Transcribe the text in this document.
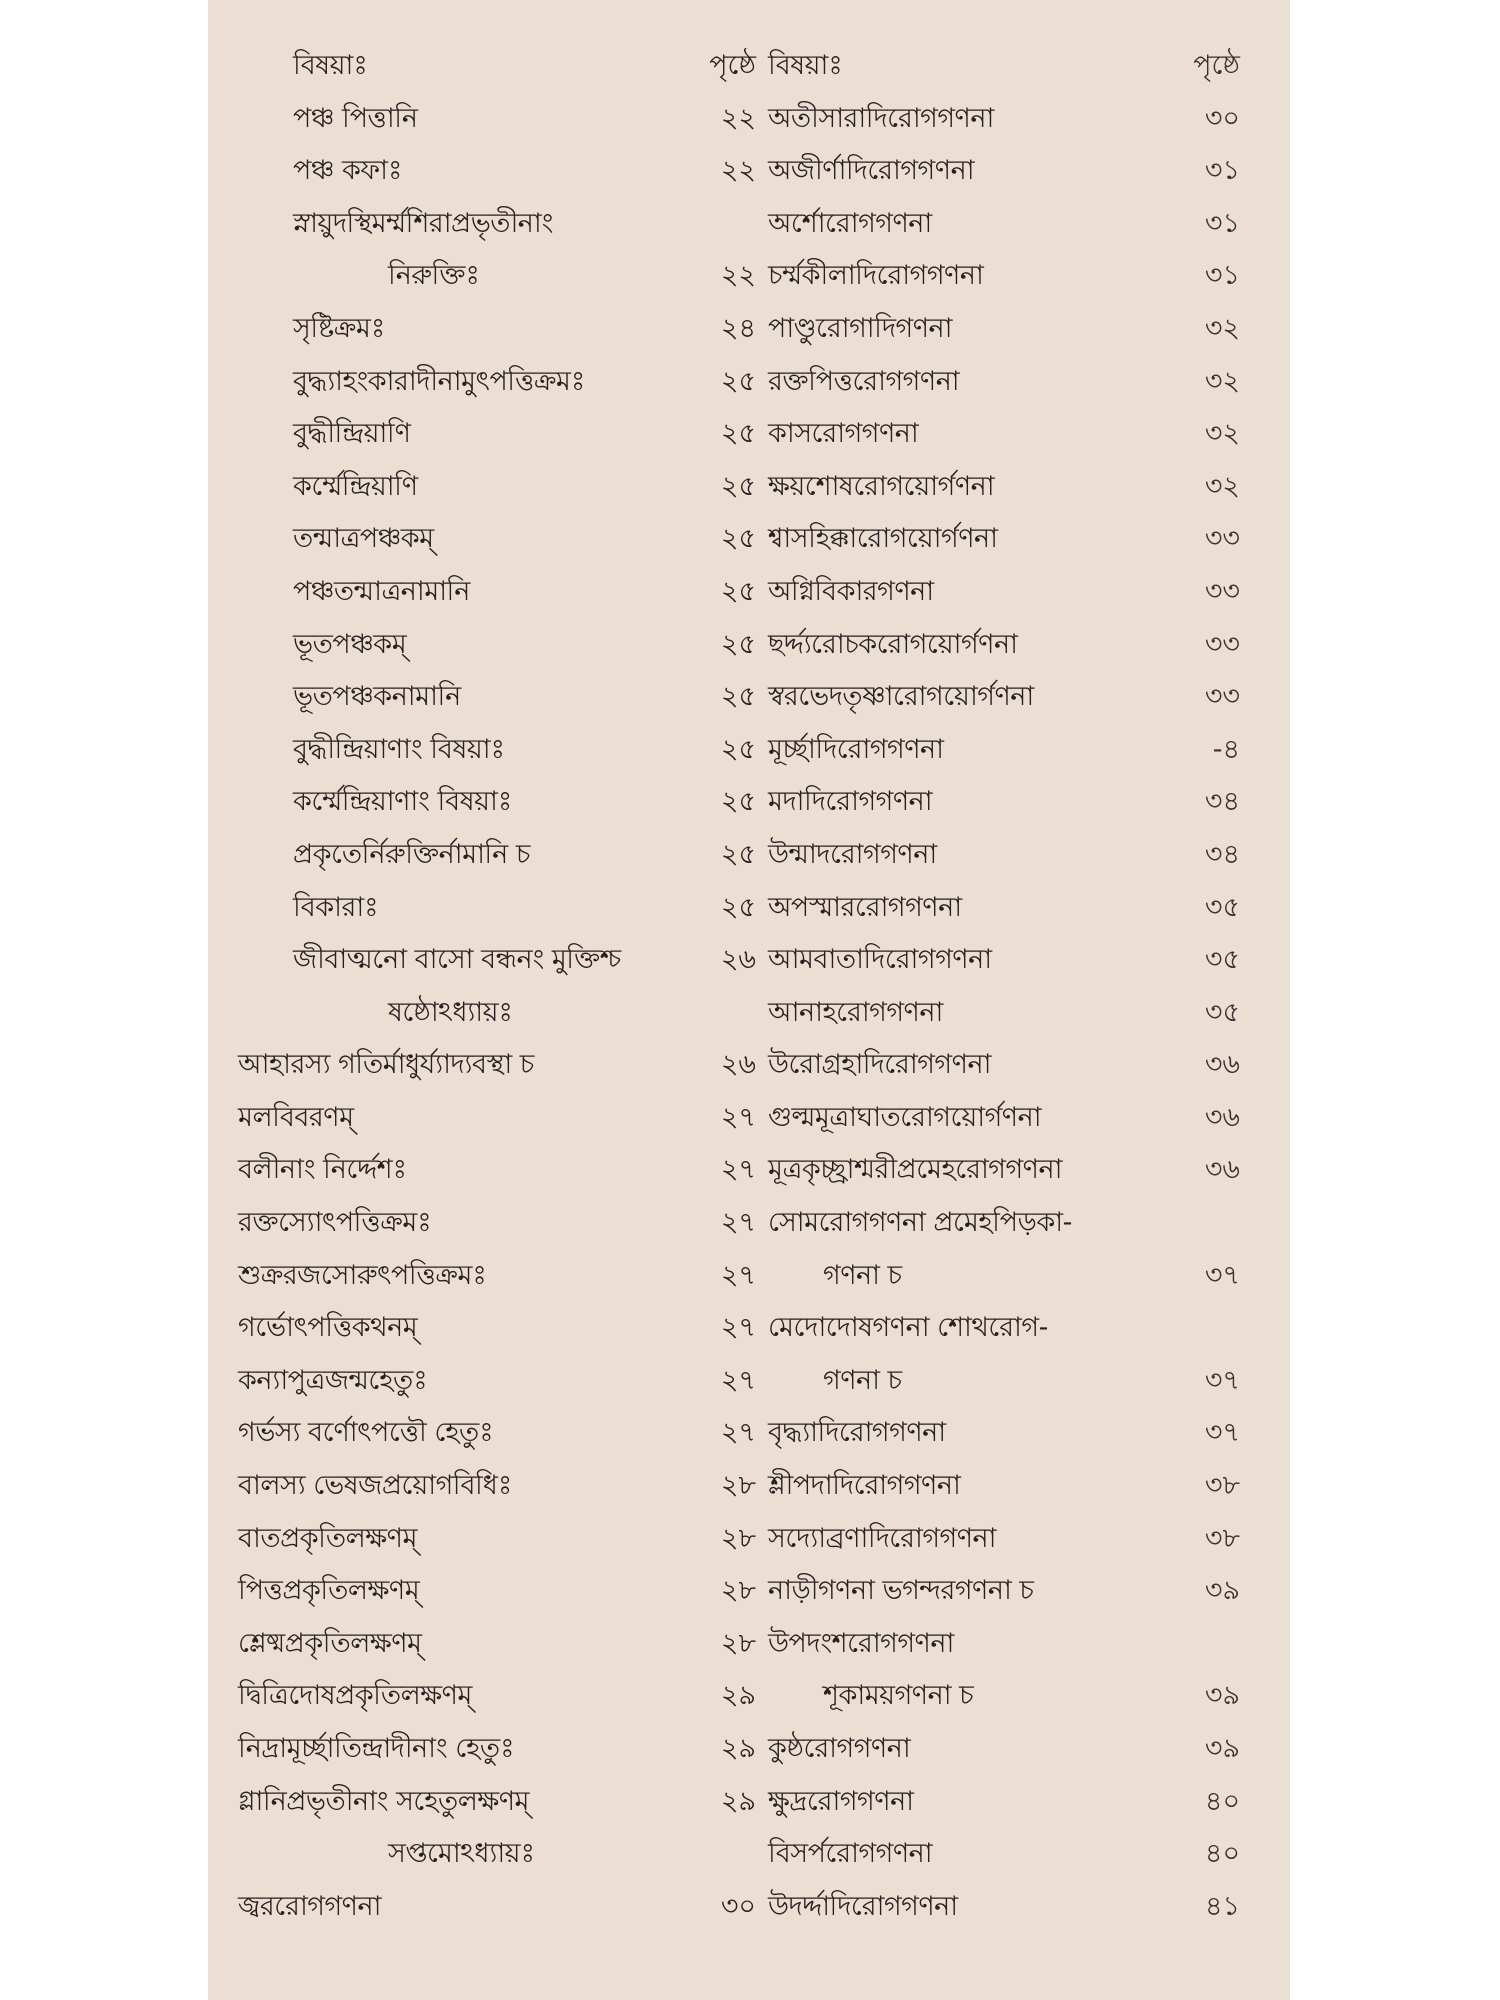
বিষয়াঃ	পৃষ্ঠে
পঞ্চ পিত্তানি	২২
পঞ্চ কফাঃ	২২
স্নায়ুদস্থিমৰ্ম্মশিরাপ্রভৃতীনাং
নিরুক্তিঃ	২২
সৃষ্টিক্রমঃ	২৪
বুদ্ধ্যাহংকারাদীনামুৎপত্তিক্রমঃ	২৫
বুদ্ধীন্দ্রিয়াণি	২৫
কর্ম্মেন্দ্রিয়াণি	২৫
তন্মাত্রপঞ্চকম্	২৫
পঞ্চতন্মাত্রনামানি	২৫
ভূতপঞ্চকম্	২৫
ভূতপঞ্চকনামানি	২৫
বুদ্ধীন্দ্রিয়াণাং বিষয়াঃ	২৫
কর্ম্মেন্দ্রিয়াণাং বিষয়াঃ	২৫
প্রকৃতের্নিরুক্তির্নামানি চ	২৫
বিকারাঃ	২৫
জীবাত্মনো বাসো বন্ধনং মুক্তিশ্চ	২৬
ষষ্ঠোঽধ্যায়ঃ
আহারস্য গতির্মাধুর্য্যাদ্যবস্থা চ	২৬
মলবিবরণম্	২৭
বলীনাং নির্দ্দেশঃ	২৭
রক্তস্যোৎপত্তিক্রমঃ	২৭
শুক্ররজসোরুৎপত্তিক্রমঃ	২৭
গর্ভোৎপত্তিকথনম্	২৭
কন্যাপুত্রজন্মহেতুঃ	২৭
গর্ভস্য বর্ণোৎপত্তৌ হেতুঃ	২৭
বালস্য ভেষজপ্রয়োগবিধিঃ	২৮
বাতপ্রকৃতিলক্ষণম্	২৮
পিত্তপ্রকৃতিলক্ষণম্	২৮
শ্লেষ্মপ্রকৃতিলক্ষণম্	২৮
দ্বিত্রিদোষপ্রকৃতিলক্ষণম্	২৯
নিদ্রামূর্চ্ছাতিন্দ্রাদীনাং হেতুঃ	২৯
গ্লানিপ্রভৃতীনাং সহেতুলক্ষণম্	২৯
সপ্তমোঽধ্যায়ঃ
জ্বররোগগণনা	৩০
বিষয়াঃ	পৃষ্ঠে
অতীসারাদিরোগগণনা	৩০
অজীর্ণাদিরোগগণনা	৩১
অর্শোরোগগণনা	৩১
চর্ম্মকীলাদিরোগগণনা	৩১
পাণ্ডুরোগাদিগণনা	৩২
রক্তপিত্তরোগগণনা	৩২
কাসরোগগণনা	৩২
ক্ষয়শোষরোগয়োর্গণনা	৩২
শ্বাসহিক্কারোগয়োর্গণনা	৩৩
অগ্নিবিকারগণনা	৩৩
ছর্দ্দ্যরোচকরোগয়োর্গণনা	৩৩
স্বরভেদতৃষ্ণারোগয়োর্গণনা	৩৩
মূর্চ্ছাদিরোগগণনা	-৪
মদাদিরোগগণনা	৩৪
উন্মাদরোগগণনা	৩৪
অপস্মাররোগগণনা	৩৫
আমবাতাদিরোগগণনা	৩৫
আনাহরোগগণনা	৩৫
উরোগ্রহাদিরোগগণনা	৩৬
গুল্মমূত্রাঘাতরোগয়োর্গণনা	৩৬
মূত্রকৃচ্ছ্রাশ্মরীপ্রমেহরোগগণনা	৩৬
সোমরোগগণনা প্রমেহপিড়কা-
গণনা চ	৩৭
মেদোদোষগণনা শোথরোগ-
গণনা চ	৩৭
বৃদ্ধ্যাদিরোগগণনা	৩৭
শ্লীপদাদিরোগগণনা	৩৮
সদ্যোব্রণাদিরোগগণনা	৩৮
নাড়ীগণনা ভগন্দরগণনা চ	৩৯
উপদংশরোগগণনা
শূকাময়গণনা চ	৩৯
কুষ্ঠরোগগণনা	৩৯
ক্ষুদ্ররোগগণনা	৪০
বিসর্পরোগগণনা	৪০
উদর্দ্দাদিরোগগণনা	৪১
